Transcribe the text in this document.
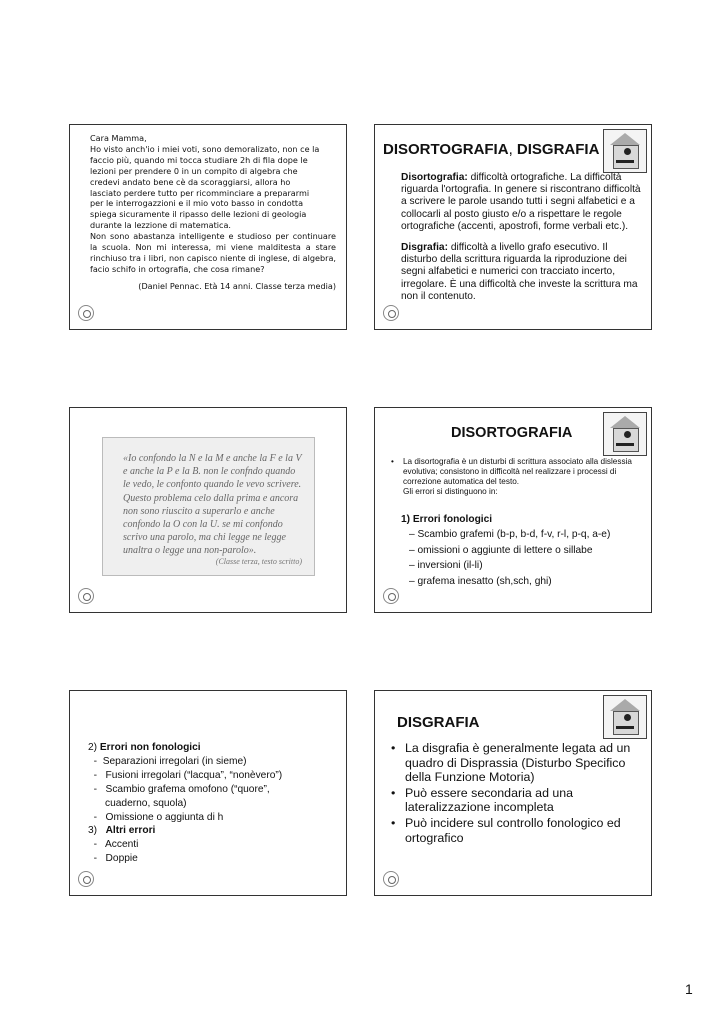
Cara Mamma,

Ho visto anch'io i miei voti, sono demoralizato, non ce la

faccio più, quando mi tocca studiare 2h di fila dope le

lezioni per prendere 0 in un compito di algebra che

credevi andato bene cè da scoraggiarsi, allora ho

lasciato perdere tutto per ricomminciare a prepararmi

per le interrogazzioni e il mio voto basso in condotta

spiega sicuramente il ripasso delle lezioni di geologia

durante la lezzione di matematica.

Non sono abastanza intelligente e studioso per continuare la scuola. Non mi interessa, mi viene malditesta a stare rinchiuso tra i libri, non capisco niente di inglese, di algebra, facio schifo in ortografia, che cosa rimane?

(Daniel Pennac. Età 14 anni. Classe terza media)

DISORTOGRAFIA, DISGRAFIA

Disortografia: difficoltà ortografiche. La difficoltà riguarda l'ortografia. In genere si riscontrano difficoltà a scrivere le parole usando tutti i segni alfabetici e a collocarli al posto giusto e/o a rispettare le regole ortografiche (accenti, apostrofi, forme verbali etc.).

Disgrafia: difficoltà a livello grafo esecutivo. Il disturbo della scrittura riguarda la riproduzione dei segni alfabetici e numerici con tracciato incerto, irregolare. È una difficoltà che investe la scrittura ma non il contenuto.

«Io confondo la N e la M e anche la F e la V e anche la P e la B. non le confndo quando le vedo, le confonto quando le vevo scrivere. Questo problema celo dalla prima e ancora non sono riuscito a superarlo e anche confondo la O con la U. se mi confondo scrivo una parolo, ma chi legge ne legge unaltra o legge una non-parolo».
(Classe terza, testo scritto)
DISORTOGRAFIA
• La disortografia è un disturbi di scrittura associato alla dislessia evolutiva; consistono in difficoltà nel realizzare i processi di correzione automatica del testo.
Gli errori si distinguono in:
1) Errori fonologici
– Scambio grafemi (b-p, b-d, f-v, r-l, p-q, a-e)
– omissioni o aggiunte di lettere o sillabe
– inversioni (il-li)
– grafema inesatto (sh,sch, ghi)
2) Errori non fonologici
-  Separazioni irregolari (in sieme)
-   Fusioni irregolari (“lacqua”, “nonèvero”)
-   Scambio grafema omofono (“quore”,
cuaderno, squola)
-   Omissione o aggiunta di h
3)   Altri errori
-   Accenti
-   Doppie
DISGRAFIA
• La disgrafia è generalmente legata ad un quadro di Disprassia (Disturbo Specifico della Funzione Motoria)
• Può essere secondaria ad una lateralizzazione incompleta
• Può incidere sul controllo fonologico ed ortografico
1
